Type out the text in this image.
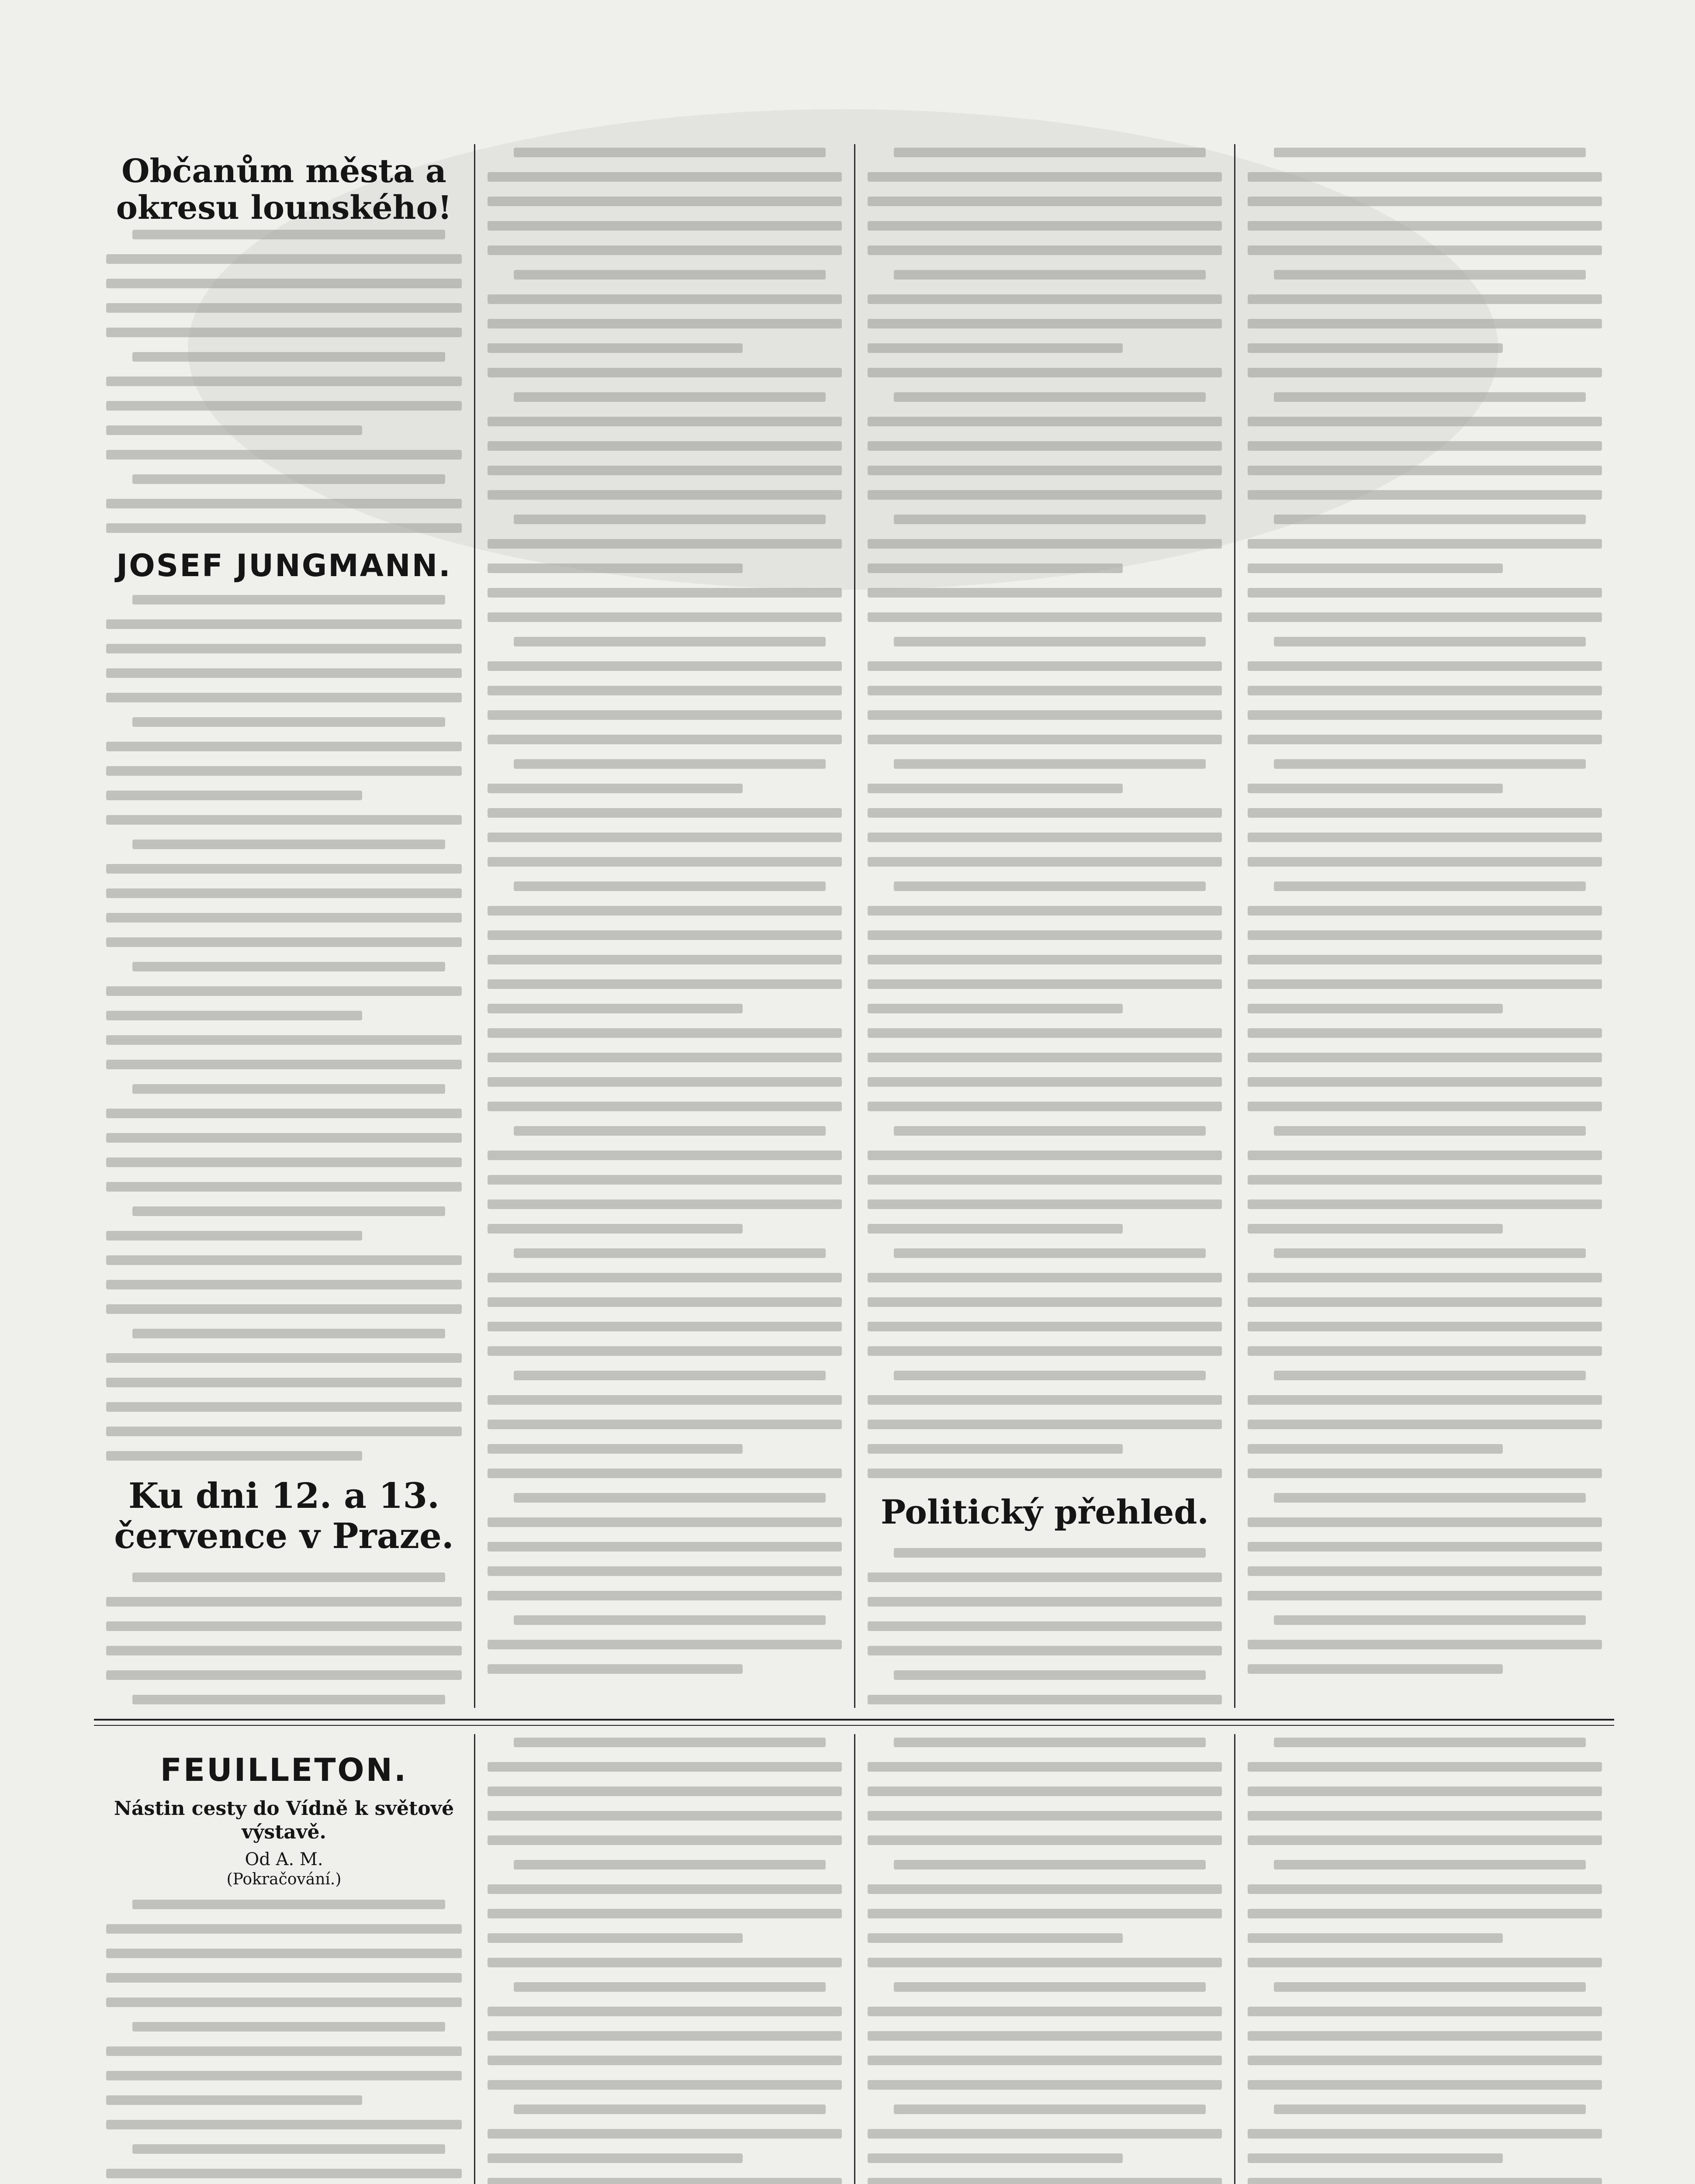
Občanům města a okresu lounského!
JOSEF JUNGMANN.
Ku dni 12. a 13. července v Praze.
Politický přehled.
FEUILLETON.
Nástin cesty do Vídně k světové výstavě.
Od A. M.
(Pokračování.)
